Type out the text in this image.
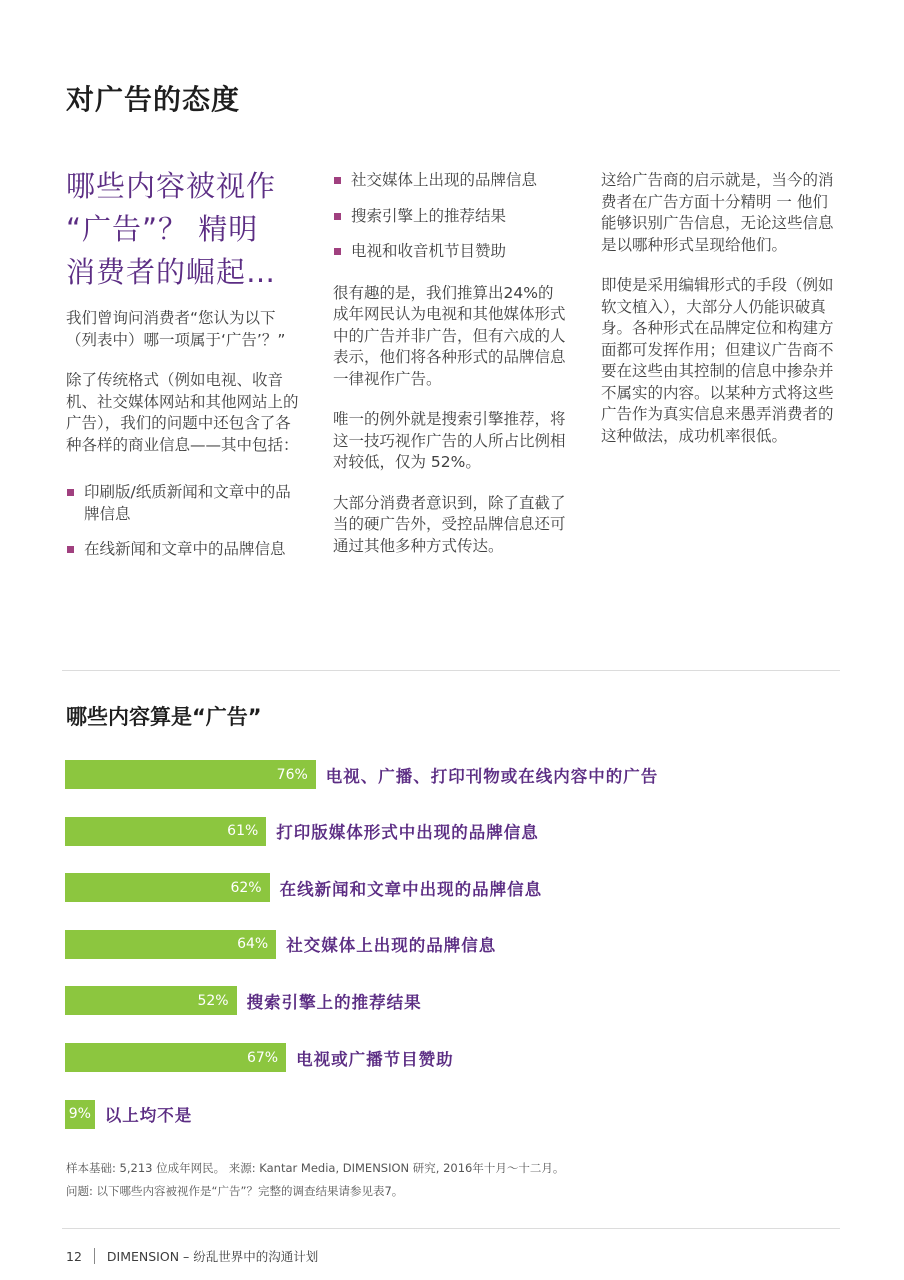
对广告的态度
哪些内容被视作
“广告”？ 精明
消费者的崛起…

我们曾询问消费者“您认为以下（列表中）哪一项属于‘广告’？”

除了传统格式（例如电视、收音机、社交媒体网站和其他网站上的广告），我们的问题中还包含了各种各样的商业信息——其中包括：

印刷版/纸质新闻和文章中的品牌信息
在线新闻和文章中的品牌信息
社交媒体上出现的品牌信息
搜索引擎上的推荐结果
电视和收音机节目赞助

很有趣的是，我们推算出24%的成年网民认为电视和其他媒体形式中的广告并非广告，但有六成的人表示，他们将各种形式的品牌信息一律视作广告。

唯一的例外就是搜索引擎推荐，将这一技巧视作广告的人所占比例相对较低，仅为 52%。

大部分消费者意识到，除了直截了当的硬广告外，受控品牌信息还可通过其他多种方式传达。

这给广告商的启示就是，当今的消费者在广告方面十分精明 一 他们能够识别广告信息，无论这些信息是以哪种形式呈现给他们。

即使是采用编辑形式的手段（例如软文植入），大部分人仍能识破真身。各种形式在品牌定位和构建方面都可发挥作用；但建议广告商不要在这些由其控制的信息中掺杂并不属实的内容。以某种方式将这些广告作为真实信息来愚弄消费者的这种做法，成功机率很低。

哪些内容算是“广告”
76% 电视、广播、打印刊物或在线内容中的广告
61% 打印版媒体形式中出现的品牌信息
62% 在线新闻和文章中出现的品牌信息
64% 社交媒体上出现的品牌信息
52% 搜索引擎上的推荐结果
67% 电视或广播节目赞助
9% 以上均不是
样本基础: 5,213 位成年网民。 来源: Kantar Media, DIMENSION 研究, 2016年十月～十二月。
问题: 以下哪些内容被视作是“广告”？完整的调查结果请参见表7。
12 DIMENSION – 纷乱世界中的沟通计划
